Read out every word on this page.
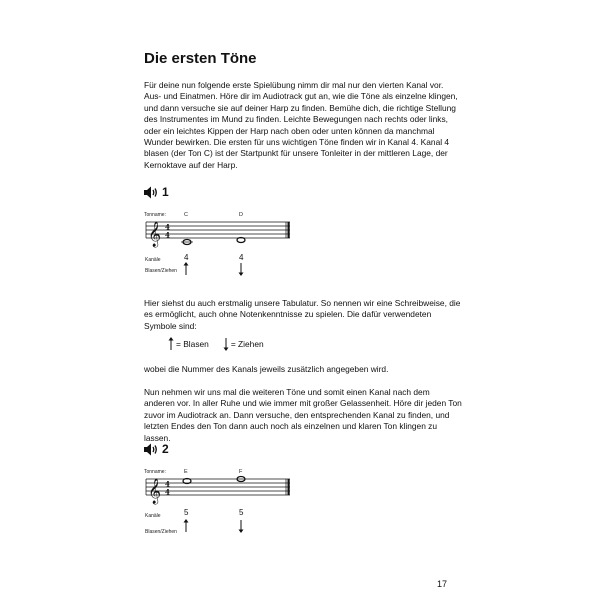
Die ersten Töne

Für deine nun folgende erste Spielübung nimm dir mal nur den vierten Kanal vor. Aus- und Einatmen. Höre dir im Audiotrack gut an, wie die Töne als einzelne klingen, und dann versuche sie auf deiner Harp zu finden. Bemühe dich, die richtige Stellung des Instrumentes im Mund zu finden. Leichte Bewegungen nach rechts oder links, oder ein leichtes Kippen der Harp nach oben oder unten können da manchmal Wunder bewirken. Die ersten für uns wichtigen Töne finden wir in Kanal 4. Kanal 4 blasen (der Ton C) ist der Startpunkt für unsere Tonleiter in der mittleren Lage, der Kernoktave auf der Harp.

1
Tonname:	C	D
𝄞 4
4
4	4
Kanäle
Blasen/Ziehen

Hier siehst du auch erstmalig unsere Tabulatur. So nennen wir eine Schreibweise, die es ermöglicht, auch ohne Notenkenntnisse zu spielen. Die dafür verwendeten Symbole sind:

= Blasen	= Ziehen

wobei die Nummer des Kanals jeweils zusätzlich angegeben wird.

Nun nehmen wir uns mal die weiteren Töne und somit einen Kanal nach dem anderen vor. In aller Ruhe und wie immer mit großer Gelassenheit. Höre dir jeden Ton zuvor im Audiotrack an. Dann versuche, den entsprechenden Kanal zu finden, und letzten Endes den Ton dann auch noch als einzelnen und klaren Ton klingen zu lassen.

2
Tonname:	E	F
𝄞 4
4
5	5
Kanäle
Blasen/Ziehen
17
